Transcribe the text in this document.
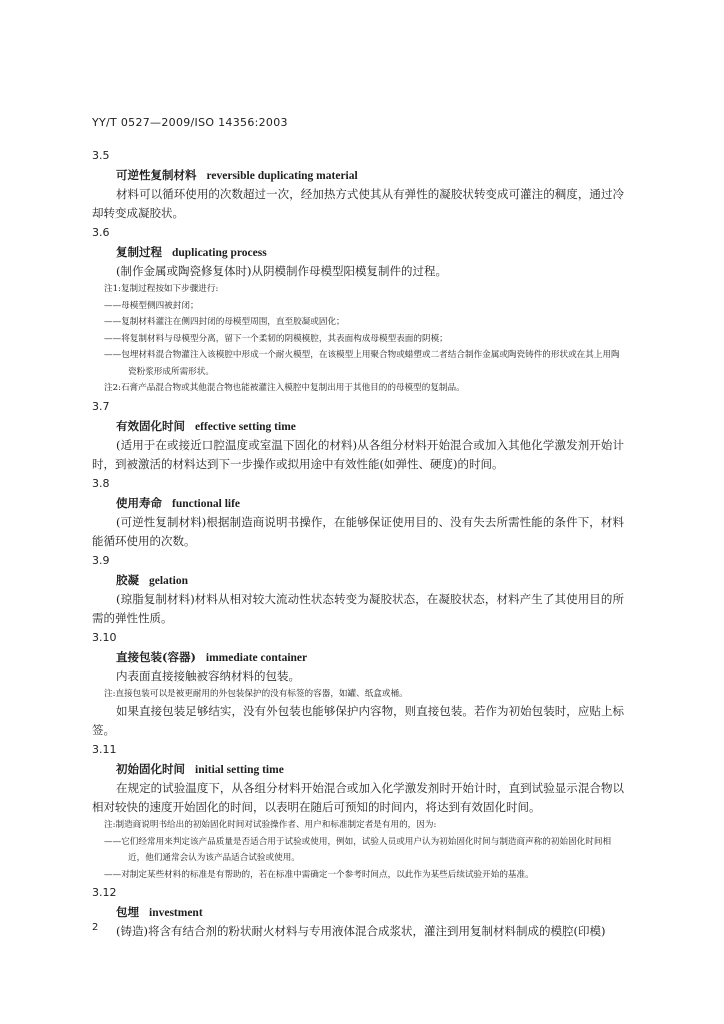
YY/T 0527—2009/ISO 14356:2003
3.5
可逆性复制材料 reversible duplicating material

材料可以循环使用的次数超过一次，经加热方式使其从有弹性的凝胶状转变成可灌注的稠度，通过冷却转变成凝胶状。

3.6
复制过程 duplicating process

(制作金属或陶瓷修复体时)从阴模制作母模型阳模复制件的过程。

注1:复制过程按如下步骤进行:

——母模型侧四被封闭；

——复制材料灌注在侧四封闭的母模型周围，直至胶凝或固化；

——将复制材料与母模型分离，留下一个柔韧的阴模模腔，其表面构成母模型表面的阴模；

——包埋材料混合物灌注入该模腔中形成一个耐火模型，在该模型上用聚合物或蜡塑或二者结合制作金属或陶瓷铸件的形状或在其上用陶瓷粉浆形成所需形状。

注2:石膏产品混合物或其他混合物也能被灌注入模腔中复制出用于其他目的的母模型的复制品。

3.7
有效固化时间 effective setting time

(适用于在或接近口腔温度或室温下固化的材料)从各组分材料开始混合或加入其他化学激发剂开始计时，到被激活的材料达到下一步操作或拟用途中有效性能(如弹性、硬度)的时间。

3.8
使用寿命 functional life

(可逆性复制材料)根据制造商说明书操作，在能够保证使用目的、没有失去所需性能的条件下，材料能循环使用的次数。

3.9
胶凝 gelation

(琼脂复制材料)材料从相对较大流动性状态转变为凝胶状态，在凝胶状态，材料产生了其使用目的所需的弹性性质。

3.10
直接包装(容器) immediate container

内表面直接接触被容纳材料的包装。

注:直接包装可以是被更耐用的外包装保护的没有标签的容器，如罐、纸盒或桶。

如果直接包装足够结实，没有外包装也能够保护内容物，则直接包装。若作为初始包装时，应贴上标签。

3.11
初始固化时间 initial setting time

在规定的试验温度下，从各组分材料开始混合或加入化学激发剂时开始计时，直到试验显示混合物以相对较快的速度开始固化的时间，以表明在随后可预知的时间内，将达到有效固化时间。

注:制造商说明书给出的初始固化时间对试验操作者、用户和标准制定者是有用的，因为:

——它们经常用来判定该产品质量是否适合用于试验或使用，例如，试验人员或用户认为初始固化时间与制造商声称的初始固化时间相近，他们通常会认为该产品适合试验或使用。

——对制定某些材料的标准是有帮助的，若在标准中需确定一个参考时间点，以此作为某些后续试验开始的基准。

3.12
包埋 investment

(铸造)将含有结合剂的粉状耐火材料与专用液体混合成浆状，灌注到用复制材料制成的模腔(印模)

2
